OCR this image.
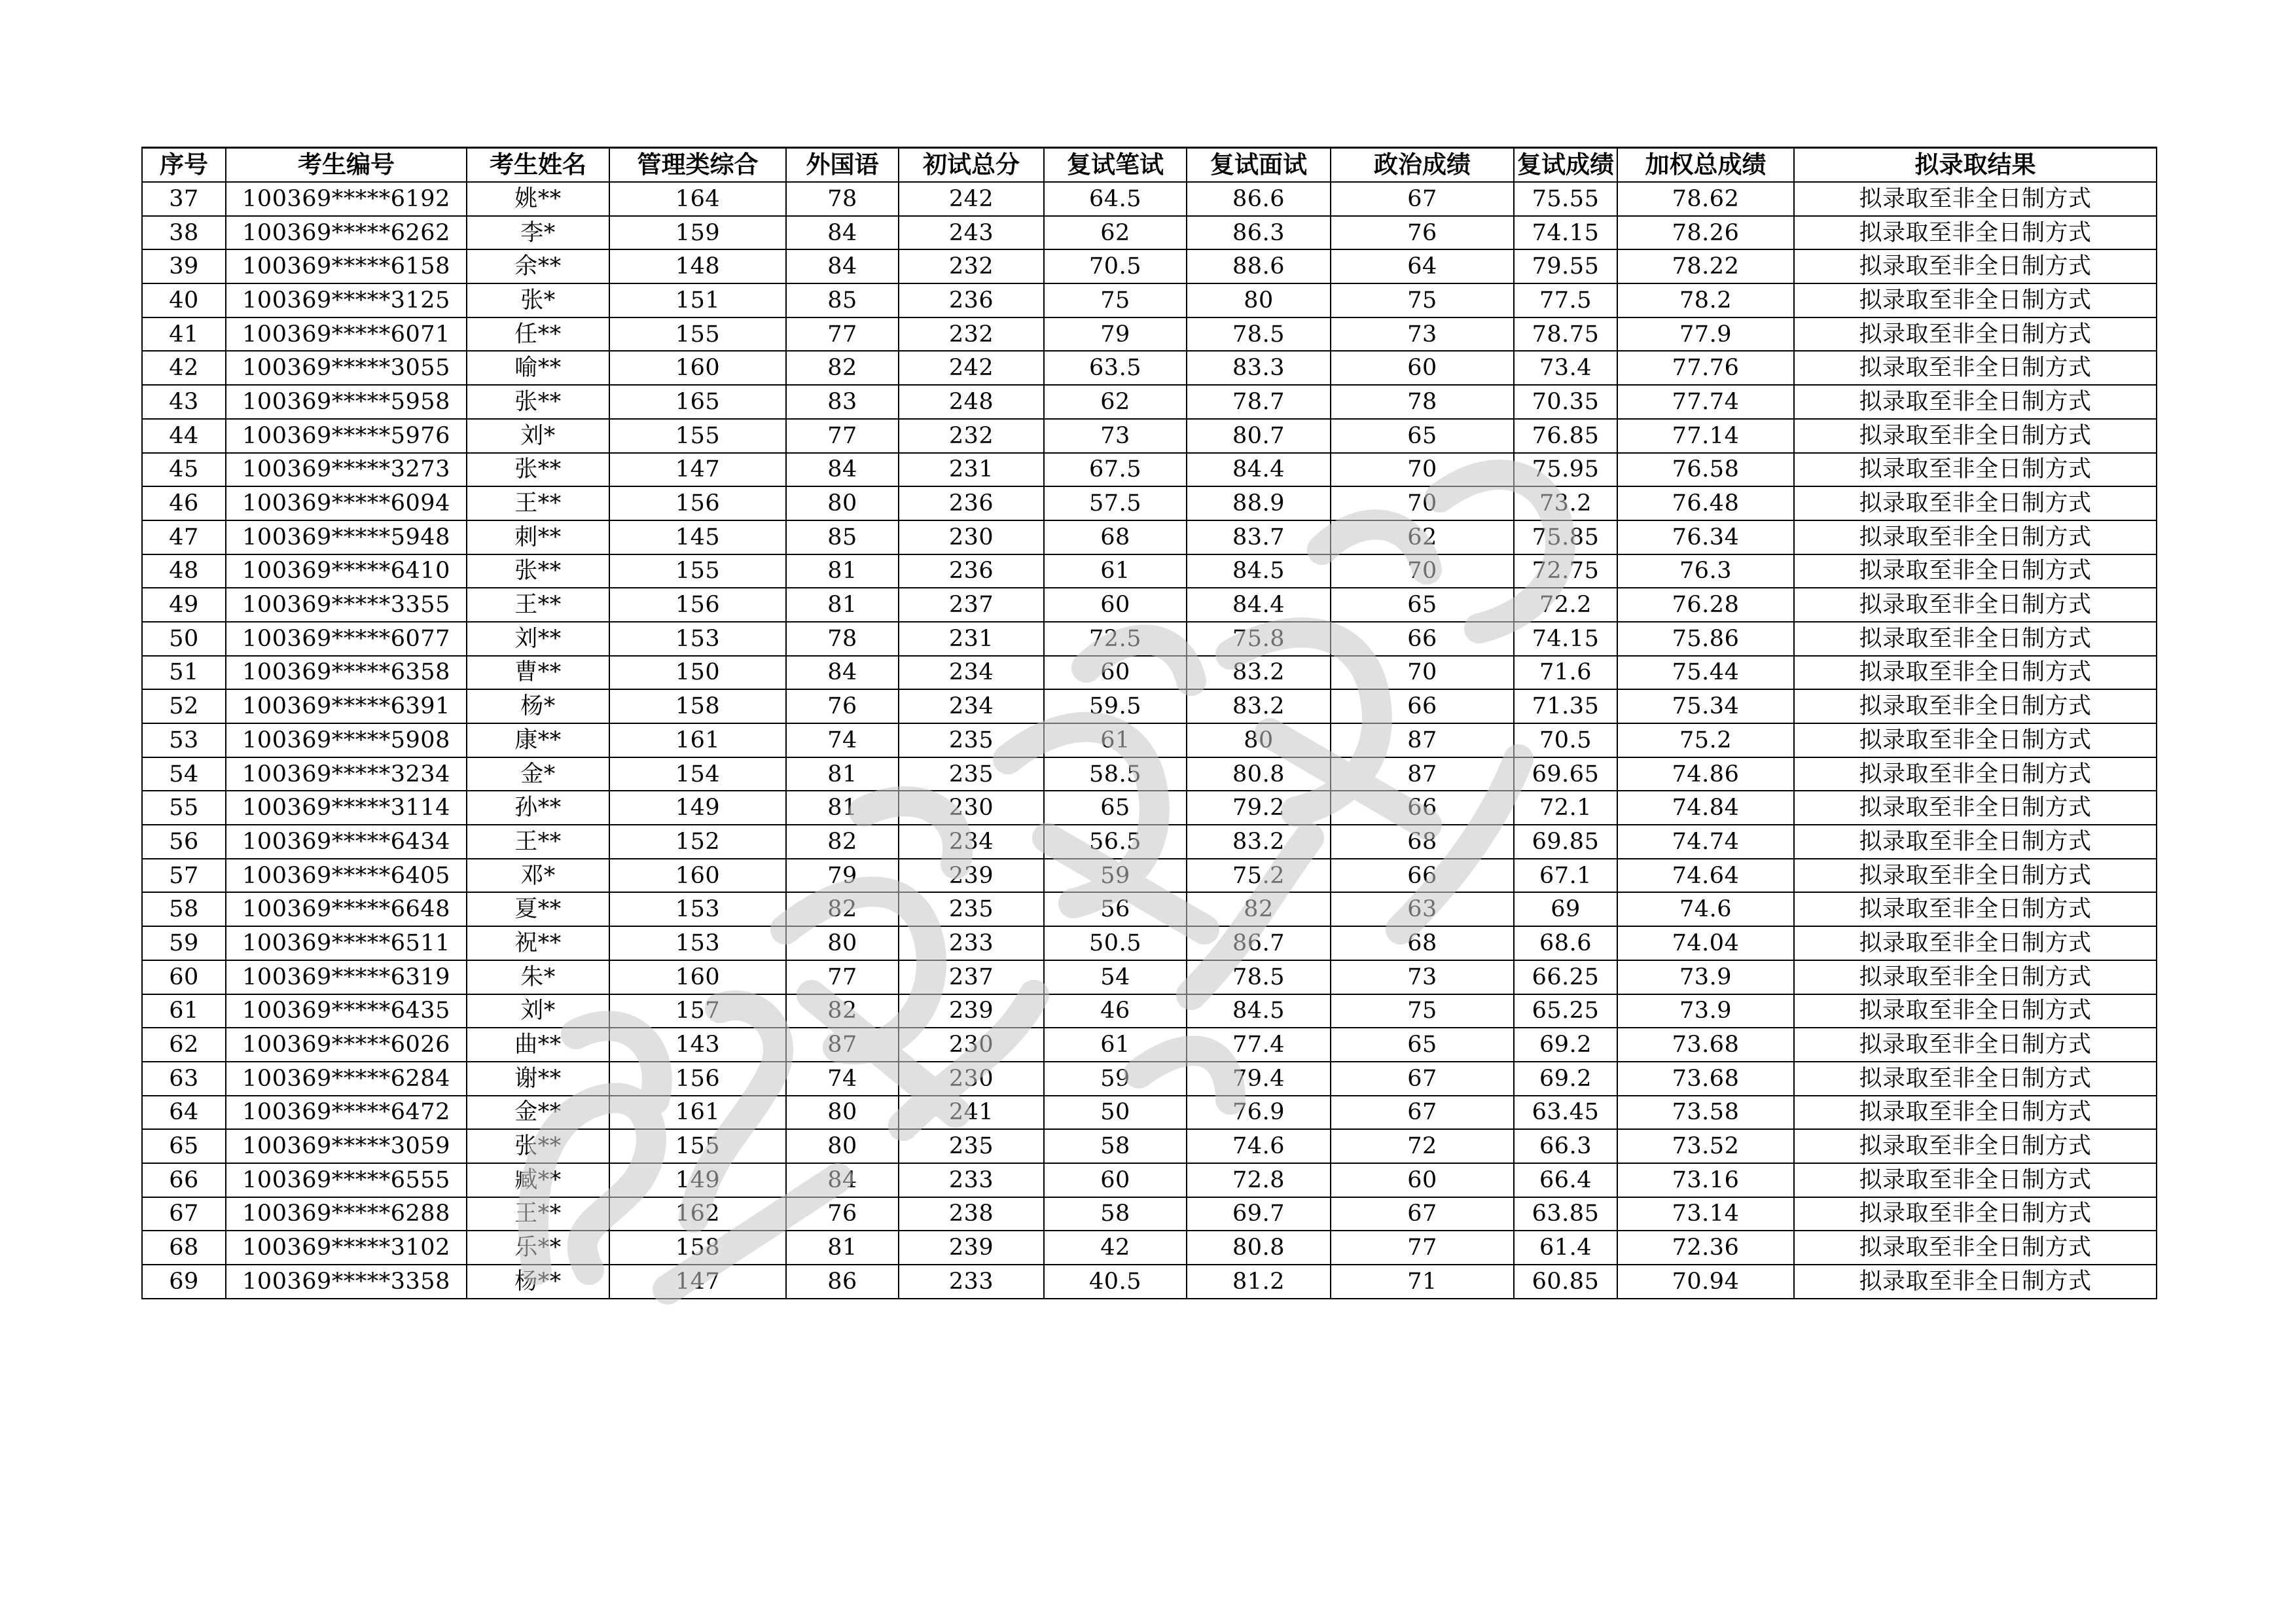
序号	考生编号	考生姓名	管理类综合	外国语	初试总分	复试笔试	复试面试	政治成绩	复试成绩	加权总成绩	拟录取结果
37	100369*****6192	姚**	164	78	242	64.5	86.6	67	75.55	78.62	拟录取至非全日制方式
38	100369*****6262	李*	159	84	243	62	86.3	76	74.15	78.26	拟录取至非全日制方式
39	100369*****6158	余**	148	84	232	70.5	88.6	64	79.55	78.22	拟录取至非全日制方式
40	100369*****3125	张*	151	85	236	75	80	75	77.5	78.2	拟录取至非全日制方式
41	100369*****6071	任**	155	77	232	79	78.5	73	78.75	77.9	拟录取至非全日制方式
42	100369*****3055	喻**	160	82	242	63.5	83.3	60	73.4	77.76	拟录取至非全日制方式
43	100369*****5958	张**	165	83	248	62	78.7	78	70.35	77.74	拟录取至非全日制方式
44	100369*****5976	刘*	155	77	232	73	80.7	65	76.85	77.14	拟录取至非全日制方式
45	100369*****3273	张**	147	84	231	67.5	84.4	70	75.95	76.58	拟录取至非全日制方式
46	100369*****6094	王**	156	80	236	57.5	88.9	70	73.2	76.48	拟录取至非全日制方式
47	100369*****5948	刺**	145	85	230	68	83.7	62	75.85	76.34	拟录取至非全日制方式
48	100369*****6410	张**	155	81	236	61	84.5	70	72.75	76.3	拟录取至非全日制方式
49	100369*****3355	王**	156	81	237	60	84.4	65	72.2	76.28	拟录取至非全日制方式
50	100369*****6077	刘**	153	78	231	72.5	75.8	66	74.15	75.86	拟录取至非全日制方式
51	100369*****6358	曹**	150	84	234	60	83.2	70	71.6	75.44	拟录取至非全日制方式
52	100369*****6391	杨*	158	76	234	59.5	83.2	66	71.35	75.34	拟录取至非全日制方式
53	100369*****5908	康**	161	74	235	61	80	87	70.5	75.2	拟录取至非全日制方式
54	100369*****3234	金*	154	81	235	58.5	80.8	87	69.65	74.86	拟录取至非全日制方式
55	100369*****3114	孙**	149	81	230	65	79.2	66	72.1	74.84	拟录取至非全日制方式
56	100369*****6434	王**	152	82	234	56.5	83.2	68	69.85	74.74	拟录取至非全日制方式
57	100369*****6405	邓*	160	79	239	59	75.2	66	67.1	74.64	拟录取至非全日制方式
58	100369*****6648	夏**	153	82	235	56	82	63	69	74.6	拟录取至非全日制方式
59	100369*****6511	祝**	153	80	233	50.5	86.7	68	68.6	74.04	拟录取至非全日制方式
60	100369*****6319	朱*	160	77	237	54	78.5	73	66.25	73.9	拟录取至非全日制方式
61	100369*****6435	刘*	157	82	239	46	84.5	75	65.25	73.9	拟录取至非全日制方式
62	100369*****6026	曲**	143	87	230	61	77.4	65	69.2	73.68	拟录取至非全日制方式
63	100369*****6284	谢**	156	74	230	59	79.4	67	69.2	73.68	拟录取至非全日制方式
64	100369*****6472	金**	161	80	241	50	76.9	67	63.45	73.58	拟录取至非全日制方式
65	100369*****3059	张**	155	80	235	58	74.6	72	66.3	73.52	拟录取至非全日制方式
66	100369*****6555	臧**	149	84	233	60	72.8	60	66.4	73.16	拟录取至非全日制方式
67	100369*****6288	王**	162	76	238	58	69.7	67	63.85	73.14	拟录取至非全日制方式
68	100369*****3102	乐**	158	81	239	42	80.8	77	61.4	72.36	拟录取至非全日制方式
69	100369*****3358	杨**	147	86	233	40.5	81.2	71	60.85	70.94	拟录取至非全日制方式
